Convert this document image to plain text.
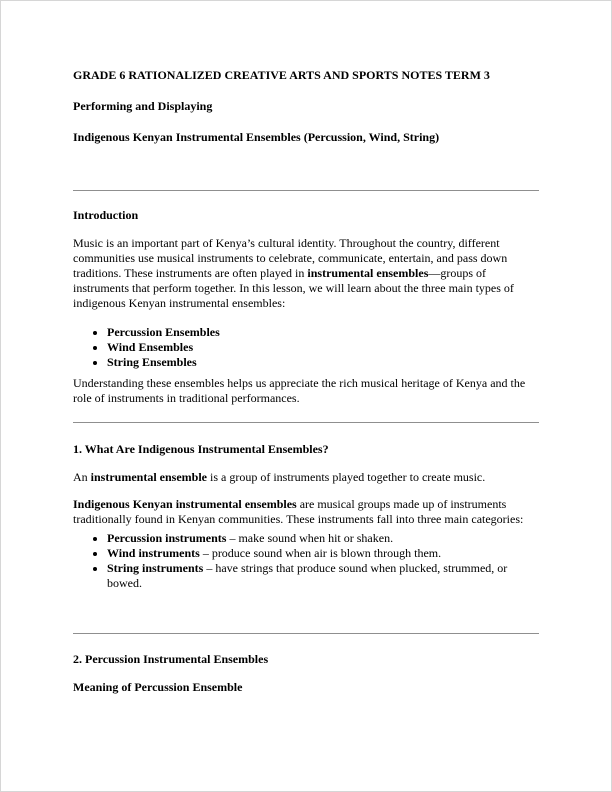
GRADE 6 RATIONALIZED CREATIVE ARTS AND SPORTS NOTES TERM 3

Performing and Displaying

Indigenous Kenyan Instrumental Ensembles (Percussion, Wind, String)

Introduction

Music is an important part of Kenya’s cultural identity. Throughout the country, different communities use musical instruments to celebrate, communicate, entertain, and pass down traditions. These instruments are often played in instrumental ensembles—groups of instruments that perform together. In this lesson, we will learn about the three main types of indigenous Kenyan instrumental ensembles:

• Percussion Ensembles
• Wind Ensembles
• String Ensembles

Understanding these ensembles helps us appreciate the rich musical heritage of Kenya and the role of instruments in traditional performances.

1. What Are Indigenous Instrumental Ensembles?

An instrumental ensemble is a group of instruments played together to create music.

Indigenous Kenyan instrumental ensembles are musical groups made up of instruments traditionally found in Kenyan communities. These instruments fall into three main categories:

• Percussion instruments – make sound when hit or shaken.
• Wind instruments – produce sound when air is blown through them.
• String instruments – have strings that produce sound when plucked, strummed, or bowed.

2. Percussion Instrumental Ensembles

Meaning of Percussion Ensemble
